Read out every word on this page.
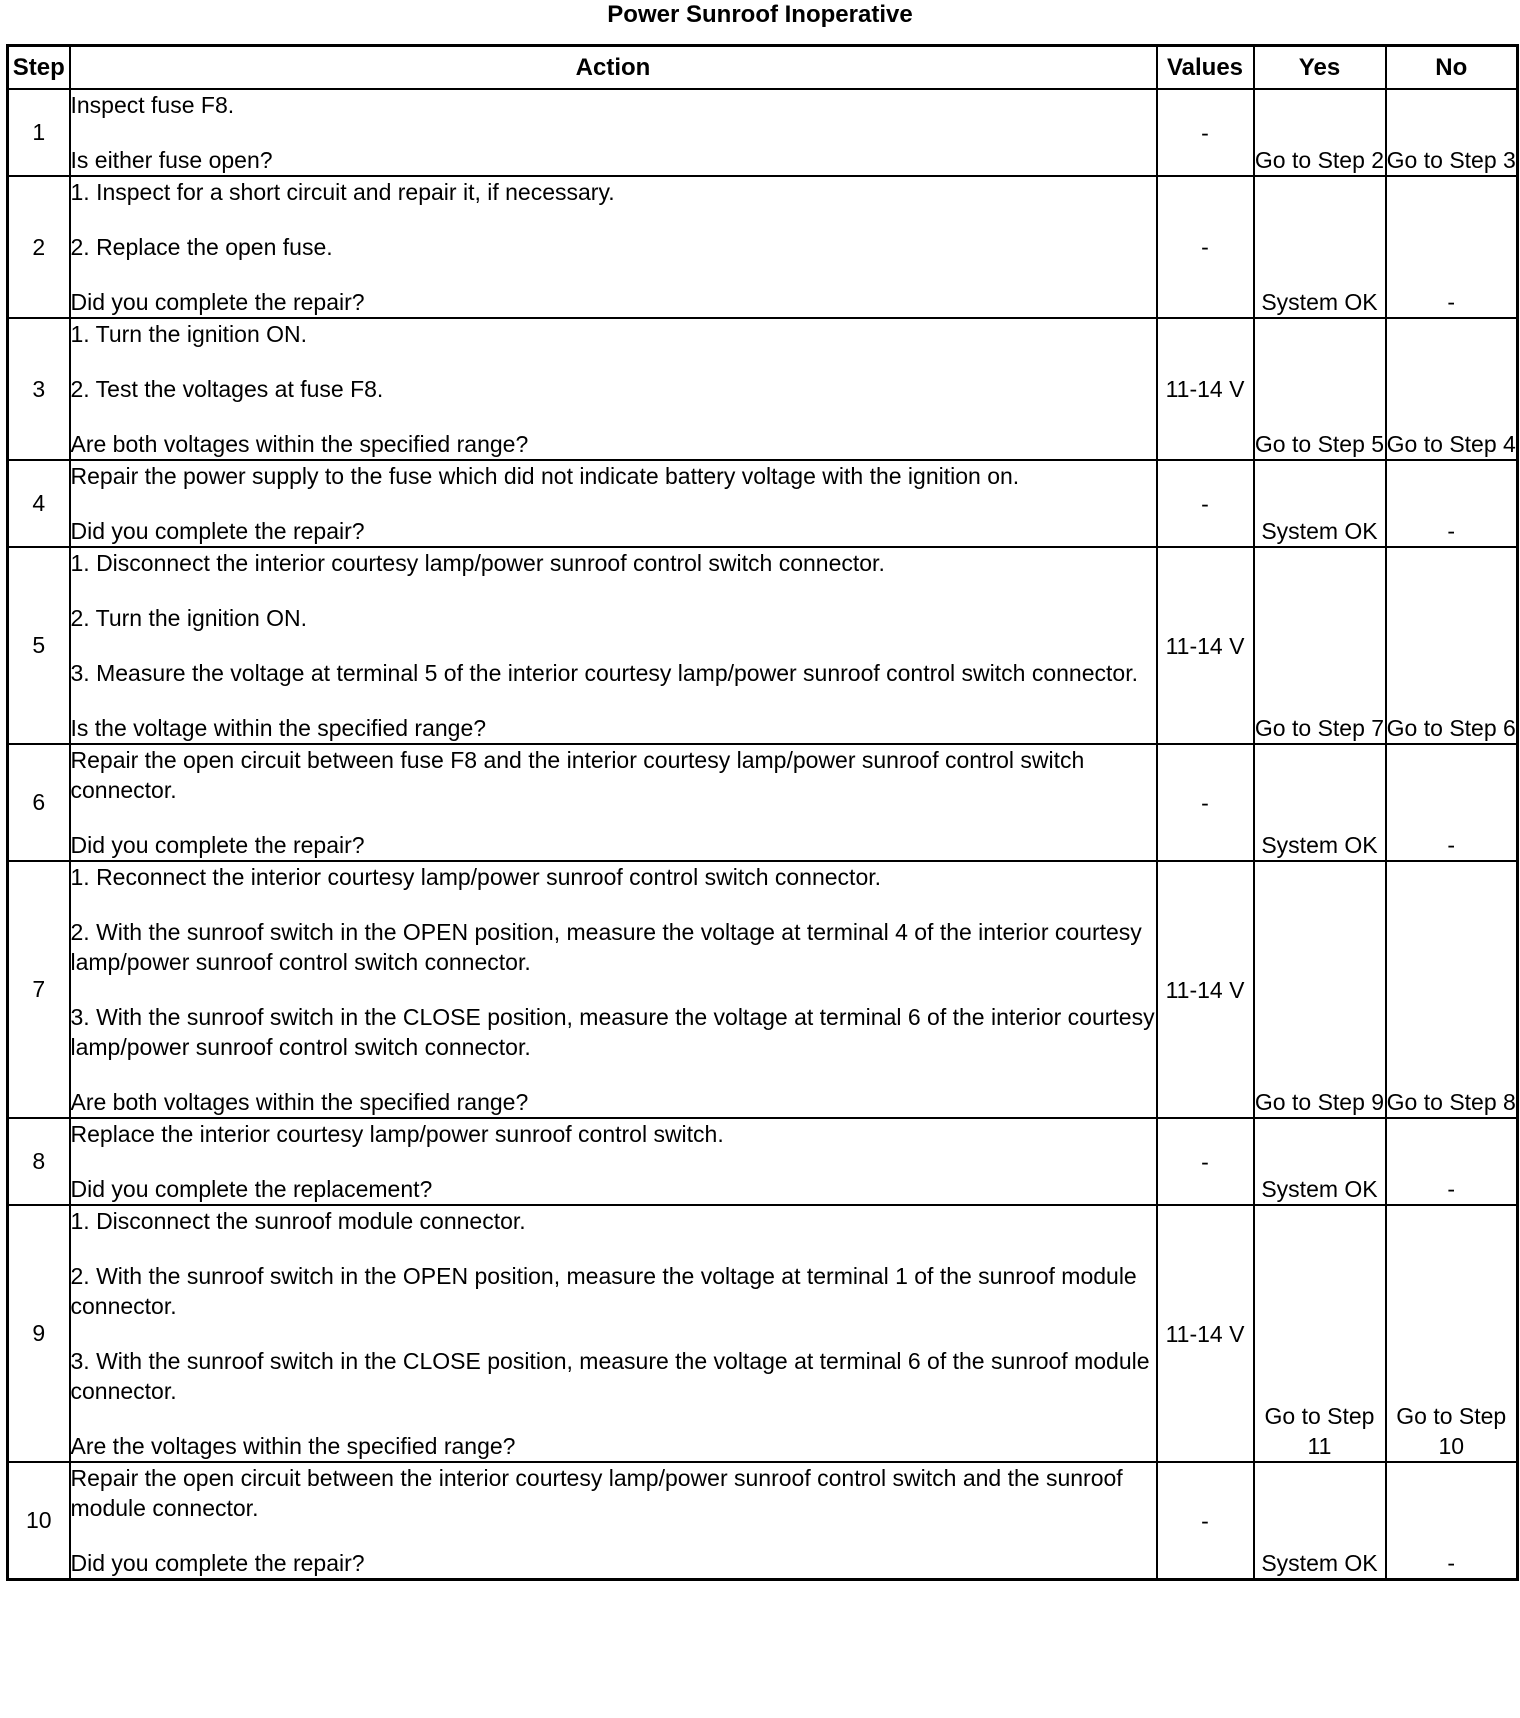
Power Sunroof Inoperative
Step	Action	Values	Yes	No
1	Inspect fuse F8.

Is either fuse open?	-	Go to Step 2	Go to Step 3
2	1. Inspect for a short circuit and repair it, if necessary.

2. Replace the open fuse.

Did you complete the repair?	-	System OK	-
3	1. Turn the ignition ON.

2. Test the voltages at fuse F8.

Are both voltages within the specified range?	11-14 V	Go to Step 5	Go to Step 4
4	Repair the power supply to the fuse which did not indicate battery voltage with the ignition on.

Did you complete the repair?	-	System OK	-
5	1. Disconnect the interior courtesy lamp/power sunroof control switch connector.

2. Turn the ignition ON.

3. Measure the voltage at terminal 5 of the interior courtesy lamp/power sunroof control switch connector.

Is the voltage within the specified range?	11-14 V	Go to Step 7	Go to Step 6
6	Repair the open circuit between fuse F8 and the interior courtesy lamp/power sunroof control switch connector.

Did you complete the repair?	-	System OK	-
7	1. Reconnect the interior courtesy lamp/power sunroof control switch connector.

2. With the sunroof switch in the OPEN position, measure the voltage at terminal 4 of the interior courtesy lamp/power sunroof control switch connector.

3. With the sunroof switch in the CLOSE position, measure the voltage at terminal 6 of the interior courtesy lamp/power sunroof control switch connector.

Are both voltages within the specified range?	11-14 V	Go to Step 9	Go to Step 8
8	Replace the interior courtesy lamp/power sunroof control switch.

Did you complete the replacement?	-	System OK	-
9	1. Disconnect the sunroof module connector.

2. With the sunroof switch in the OPEN position, measure the voltage at terminal 1 of the sunroof module connector.

3. With the sunroof switch in the CLOSE position, measure the voltage at terminal 6 of the sunroof module connector.

Are the voltages within the specified range?	11-14 V	Go to Step 11	Go to Step 10
10	Repair the open circuit between the interior courtesy lamp/power sunroof control switch and the sunroof module connector.

Did you complete the repair?	-	System OK	-
